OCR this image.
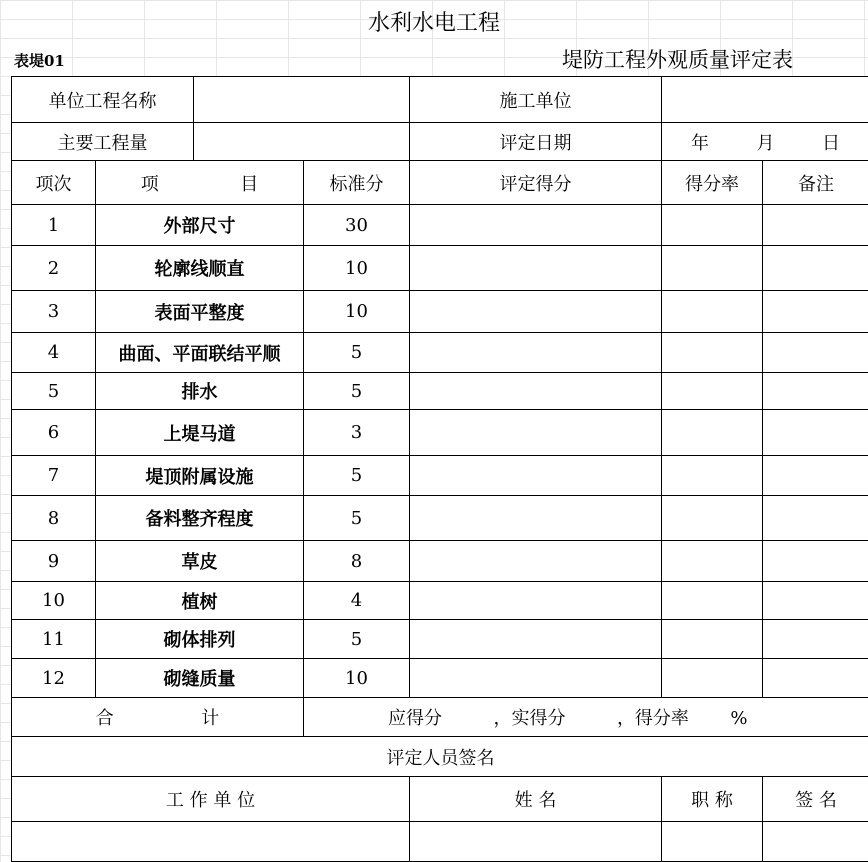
水利水电工程
表堤01	堤防工程外观质量评定表
单位工程名称				施工单位		
主要工程量				评定日期	年 月 日	
项次	项 目		标准分	评定得分	得分率	备注
1	外部尺寸		30			
2	轮廓线顺直		10			
3	表面平整度		10			
4	曲面、平面联结平顺		5			
5	排水		5			
6	上堤马道		3			
7	堤顶附属设施		5			
8	备料整齐程度		5			
9	草皮		8			
10	植树		4			
11	砌体排列		5			
12	砌缝质量		10			
合 计			应得分 ，实得分 ，得分率 %			
评定人员签名						
工 作 单 位				姓 名	职 称	签 名
